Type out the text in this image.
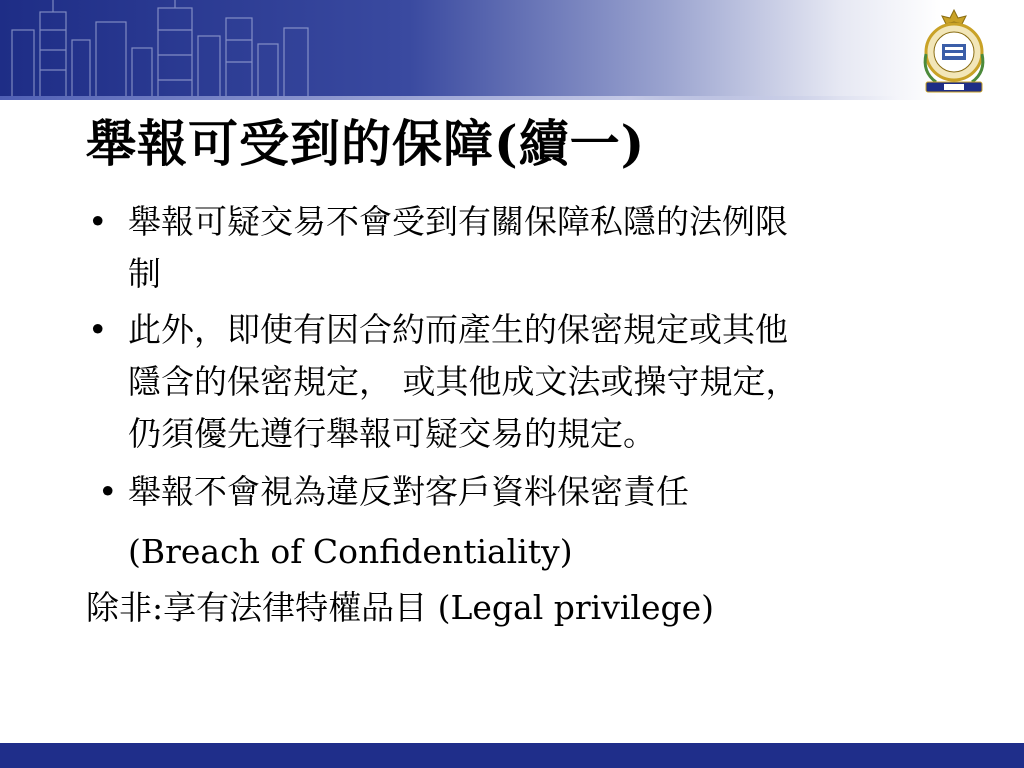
舉報可受到的保障(續一)
• 舉報可疑交易不會受到有關保障私隱的法例限
制
• 此外，即使有因合約而產生的保密規定或其他
隱含的保密規定， 或其他成文法或操守規定，
仍須優先遵行舉報可疑交易的規定。
• 舉報不會視為違反對客戶資料保密責任
(Breach of Confidentiality)
除非:享有法律特權品目 (Legal privilege)
